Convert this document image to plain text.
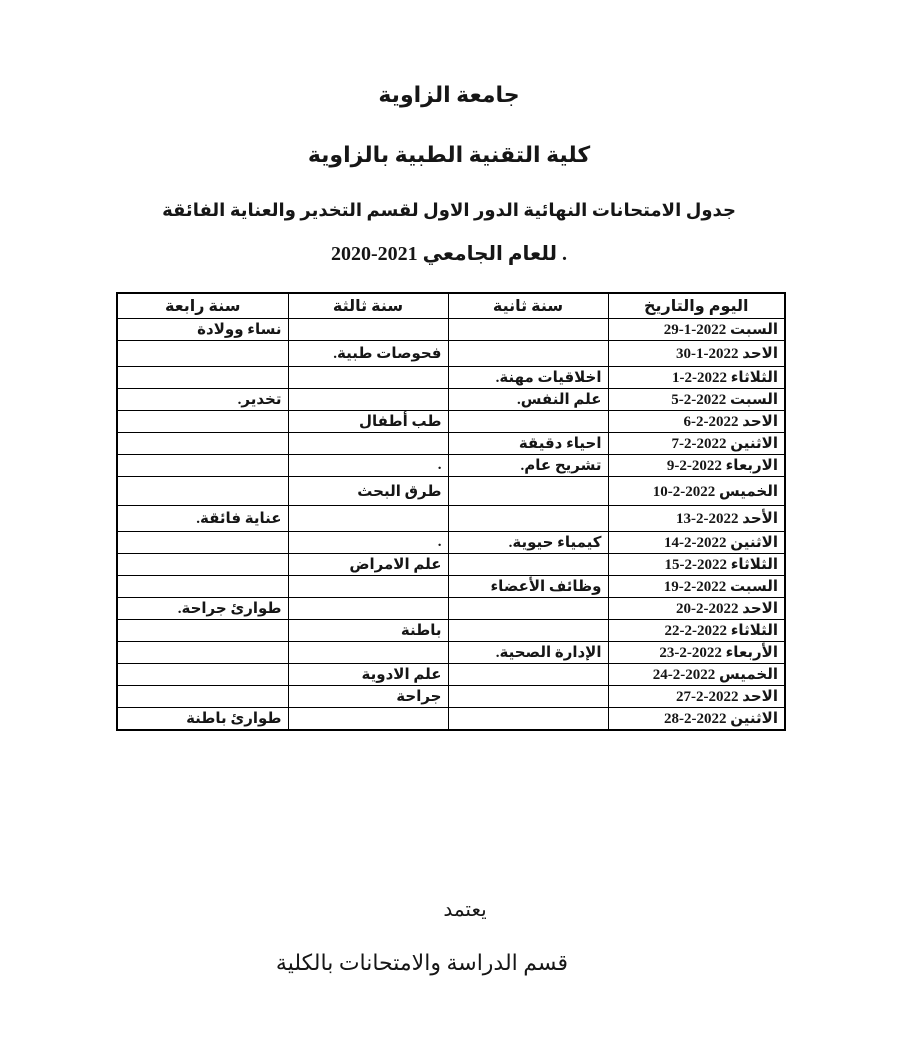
جامعة الزاوية
كلية التقنية الطبية بالزاوية
جدول الامتحانات النهائية الدور الاول لقسم التخدير والعناية الفائقة
. للعام الجامعي 2021-2020
اليوم والتاريخ	سنة ثانية	سنة ثالثة	سنة رابعة
السبت 2022-1-29			نساء وولادة
الاحد 2022-1-30		فحوصات طبية.	
الثلاثاء 2022-2-1	اخلاقيات مهنة.		
السبت 2022-2-5	علم النفس.		تخدير.
الاحد 2022-2-6		طب أطفال	
الاثنين 2022-2-7	احياء دقيقة		
الاربعاء 2022-2-9	تشريح عام.	.	
الخميس 2022-2-10		طرق البحث	
الأحد 2022-2-13			عناية فائقة.
الاثنين 2022-2-14	كيمياء حيوية.	.	
الثلاثاء 2022-2-15		علم الامراض	
السبت 2022-2-19	وظائف الأعضاء		
الاحد 2022-2-20			طوارئ جراحة.
الثلاثاء 2022-2-22		باطنة	
الأربعاء 2022-2-23	الإدارة الصحية.		
الخميس 2022-2-24		علم الادوية	
الاحد 2022-2-27		جراحة	
الاثنين 2022-2-28			طوارئ باطنة
يعتمد
قسم الدراسة والامتحانات بالكلية
